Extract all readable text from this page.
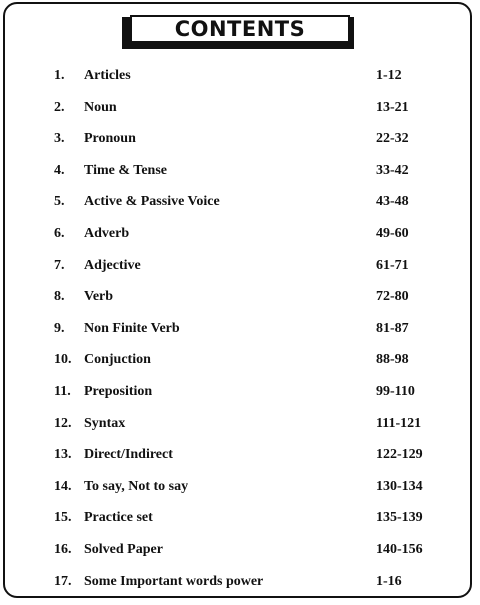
CONTENTS
1. Articles	1-12
2. Noun	13-21
3. Pronoun	22-32
4. Time & Tense	33-42
5. Active & Passive Voice	43-48
6. Adverb	49-60
7. Adjective	61-71
8. Verb	72-80
9. Non Finite Verb	81-87
10. Conjuction	88-98
11. Preposition	99-110
12. Syntax	111-121
13. Direct/Indirect	122-129
14. To say, Not to say	130-134
15. Practice set	135-139
16. Solved Paper	140-156
17. Some Important words power	1-16
